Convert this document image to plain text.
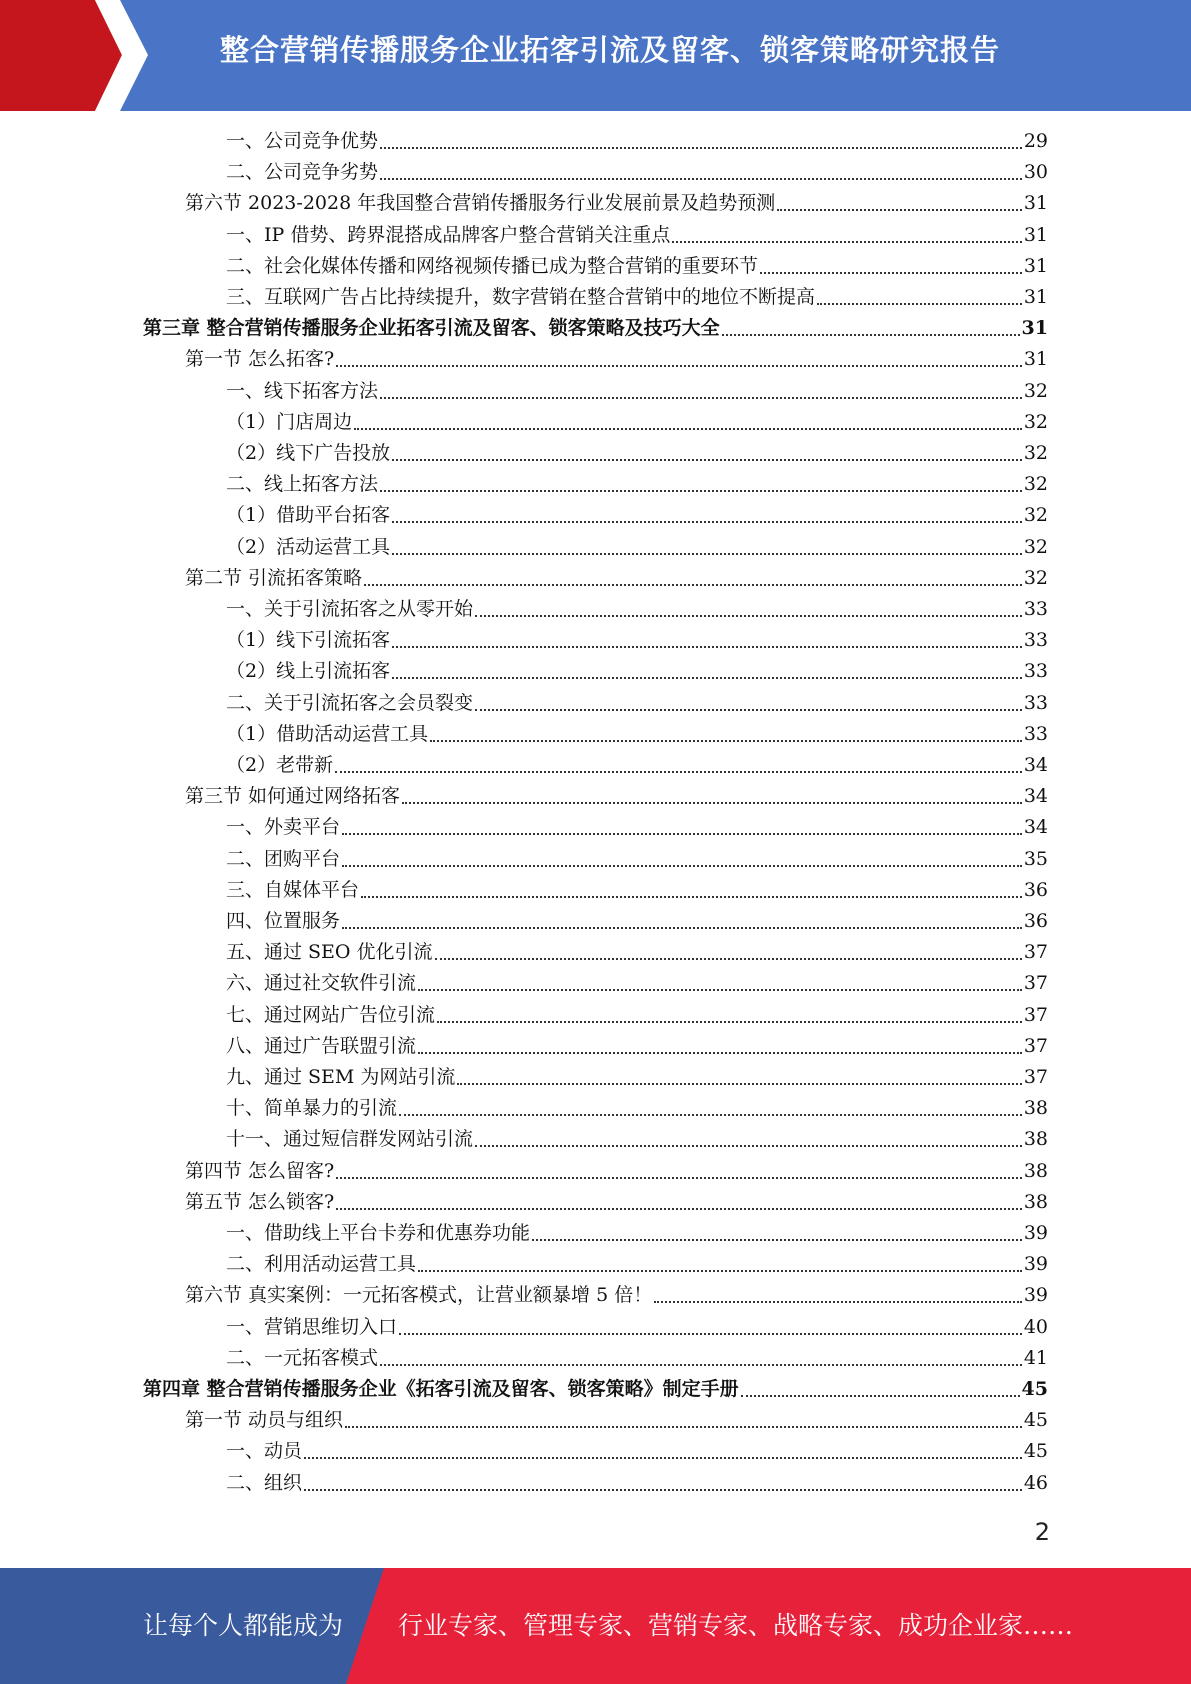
整合营销传播服务企业拓客引流及留客、锁客策略研究报告
一、公司竞争优势	29
二、公司竞争劣势	30
第六节 2023-2028 年我国整合营销传播服务行业发展前景及趋势预测	31
一、IP 借势、跨界混搭成品牌客户整合营销关注重点	31
二、社会化媒体传播和网络视频传播已成为整合营销的重要环节	31
三、互联网广告占比持续提升，数字营销在整合营销中的地位不断提高	31
第三章 整合营销传播服务企业拓客引流及留客、锁客策略及技巧大全	31
第一节 怎么拓客?	31
一、线下拓客方法	32
（1）门店周边	32
（2）线下广告投放	32
二、线上拓客方法	32
（1）借助平台拓客	32
（2）活动运营工具	32
第二节 引流拓客策略	32
一、关于引流拓客之从零开始	33
（1）线下引流拓客	33
（2）线上引流拓客	33
二、关于引流拓客之会员裂变	33
（1）借助活动运营工具	33
（2）老带新	34
第三节 如何通过网络拓客	34
一、外卖平台	34
二、团购平台	35
三、自媒体平台	36
四、位置服务	36
五、通过 SEO 优化引流	37
六、通过社交软件引流	37
七、通过网站广告位引流	37
八、通过广告联盟引流	37
九、通过 SEM 为网站引流	37
十、简单暴力的引流	38
十一、通过短信群发网站引流	38
第四节 怎么留客?	38
第五节 怎么锁客?	38
一、借助线上平台卡券和优惠券功能	39
二、利用活动运营工具	39
第六节 真实案例：一元拓客模式，让营业额暴增 5 倍！	39
一、营销思维切入口	40
二、一元拓客模式	41
第四章 整合营销传播服务企业《拓客引流及留客、锁客策略》制定手册	45
第一节 动员与组织	45
一、动员	45
二、组织	46
2
让每个人都能成为 行业专家、管理专家、营销专家、战略专家、成功企业家……
